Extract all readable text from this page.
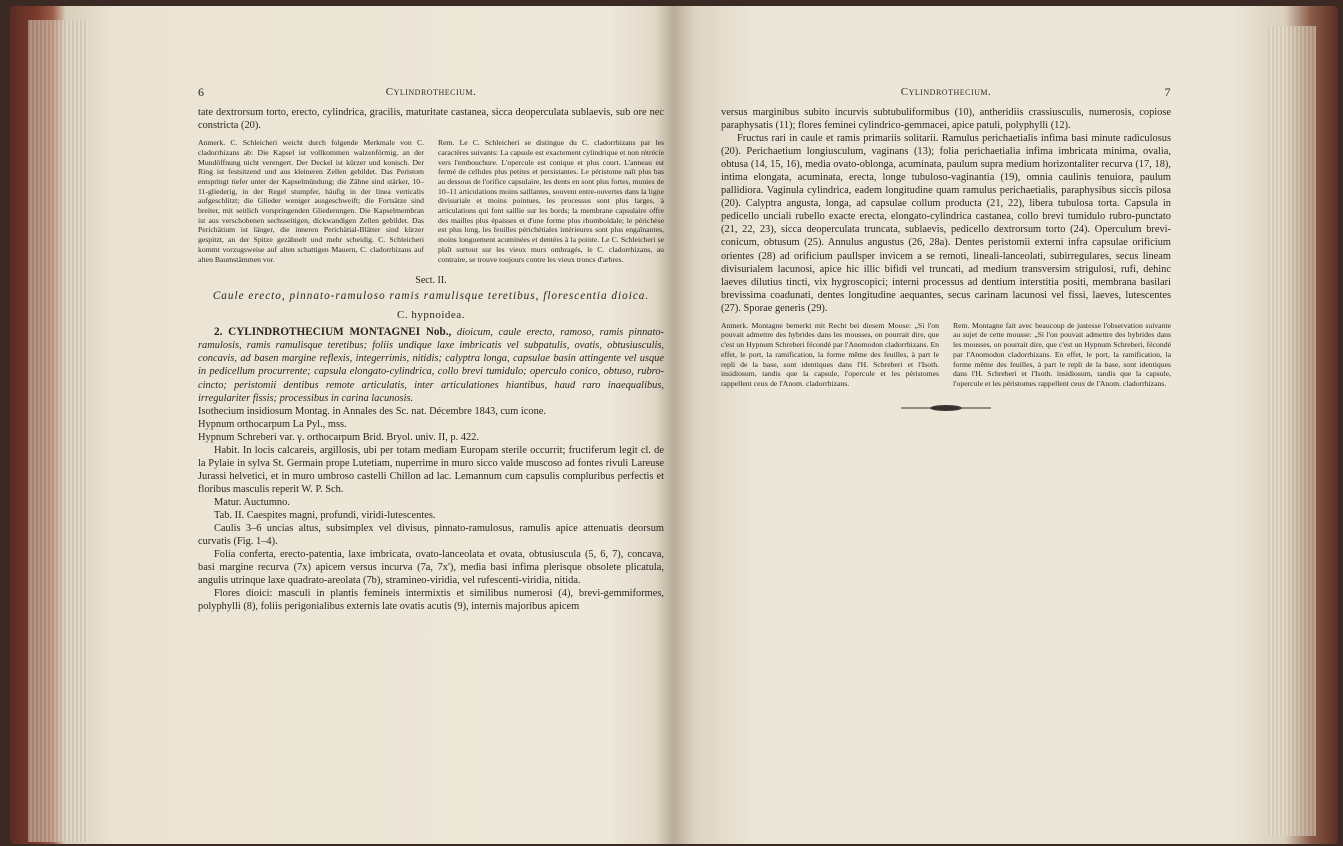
6	Cylindrothecium.

tate dextrorsum torto, erecto, cylindrica, gracilis, maturitate castanea, sicca deoperculata sublaevis, sub ore nec constricta (20).

Anmerk. C. Schleicheri weicht durch folgende Merkmale von C. cladorrhizans ab: Die Kapsel ist vollkommen walzenförmig, an der Mundöffnung nicht verengert. Der Deckel ist kürzer und konisch. Der Ring ist festsitzend und aus kleineren Zellen gebildet. Das Peristom entspringt tiefer unter der Kapselmündung; die Zähne sind stärker, 10–11-gliederig, in der Regel stumpfer, häufig in der linea verticalis aufgeschlitzt; die Glieder weniger ausgeschweift; die Fortsätze sind breiter, mit seitlich vorspringenden Gliederungen. Die Kapselmembran ist aus verschobenen sechsseitigen, dickwandigen Zellen gebildet. Das Perichätium ist länger, die inneren Perichätial-Blätter sind kürzer gespitzt, an der Spitze gezähnelt und mehr scheidig. C. Schleicheri kommt vorzugsweise auf alten schattigen Mauern, C. cladorrhizans auf alten Baumstämmen vor.
Rem. Le C. Schleicheri se distingue du C. cladorrhizans par les caractères suivants: La capsule est exactement cylindrique et non rétrécie vers l'embouchure. L'opercule est conique et plus court. L'anneau est fermé de cellules plus petites et persistantes. Le péristome naît plus bas au dessous de l'orifice capsulaire, les dents en sont plus fortes, munies de 10–11 articulations moins saillantes, souvent entre-ouvertes dans la ligne divisuriale et moins pointues, les processus sont plus larges, à articulations qui font saillie sur les bords; la membrane capsulaire offre des mailles plus épaisses et d'une forme plus rhomboïdale; le périchèse est plus long, les feuilles périchétiales intérieures sont plus engaînantes, moins longuement acuminées et dentées à la pointe. Le C. Schleicheri se plaît surtout sur les vieux murs ombragés, le C. cladorrhizans, au contraire, se trouve toujours contre les vieux troncs d'arbres.
Sect. II.
Caule erecto, pinnato-ramuloso ramis ramulisque teretibus, florescentia dioica.
C. hypnoidea.

2. CYLINDROTHECIUM MONTAGNEI Nob., dioicum, caule erecto, ramoso, ramis pinnato-ramulosis, ramis ramulisque teretibus; foliis undique laxe imbricatis vel subpatulis, ovatis, obtusiusculis, concavis, ad basen margine reflexis, integerrimis, nitidis; calyptra longa, capsulae basin attingente vel usque in pedicellum procurrente; capsula elongato-cylindrica, collo brevi tumidulo; operculo conico, obtuso, rubro-cincto; peristomii dentibus remote articulatis, inter articulationes hiantibus, haud raro inaequalibus, irregulariter fissis; processibus in carina lacunosis.

Isothecium insidiosum Montag. in Annales des Sc. nat. Décembre 1843, cum icone.

Hypnum orthocarpum La Pyl., mss.

Hypnum Schreberi var. γ. orthocarpum Brid. Bryol. univ. II, p. 422.

Habit. In locis calcareis, argillosis, ubi per totam mediam Europam sterile occurrit; fructiferum legit cl. de la Pylaie in sylva St. Germain prope Lutetiam, nuperrime in muro sicco valde muscoso ad fontes rivuli Lareuse Jurassi helvetici, et in muro umbroso castelli Chillon ad lac. Lemannum cum capsulis compluribus perfectis et floribus masculis reperit W. P. Sch.

Matur. Auctumno.

Tab. II. Caespites magni, profundi, viridi-lutescentes.

Caulis 3–6 uncias altus, subsimplex vel divisus, pinnato-ramulosus, ramulis apice attenuatis deorsum curvatis (Fig. 1–4).

Folia conferta, erecto-patentia, laxe imbricata, ovato-lanceolata et ovata, obtusiuscula (5, 6, 7), concava, basi margine recurva (7x) apicem versus incurva (7a, 7x'), media basi infima plerisque obsolete plicatula, angulis utrinque laxe quadrato-areolata (7b), stramineo-viridia, vel rufescenti-viridia, nitida.

Flores dioici: masculi in plantis femineis intermixtis et similibus numerosi (4), brevi-gemmiformes, polyphylli (8), foliis perigonialibus externis late ovatis acutis (9), internis majoribus apicem

Cylindrothecium.	7

versus marginibus subito incurvis subtubuliformibus (10), antheridiis crassiusculis, numerosis, copiose paraphysatis (11); flores feminei cylindrico-gemmacei, apice patuli, polyphylli (12).

Fructus rari in caule et ramis primariis solitarii. Ramulus perichaetialis infima basi minute radiculosus (20). Perichaetium longiusculum, vaginans (13); folia perichaetialia infima imbricata minima, ovalia, obtusa (14, 15, 16), media ovato-oblonga, acuminata, paulum supra medium horizontaliter recurva (17, 18), intima elongata, acuminata, erecta, longe tubuloso-vaginantia (19), omnia caulinis tenuiora, paulum pallidiora. Vaginula cylindrica, eadem longitudine quam ramulus perichaetialis, paraphysibus siccis pilosa (20). Calyptra angusta, longa, ad capsulae collum producta (21, 22), libera tubulosa torta. Capsula in pedicello unciali rubello exacte erecta, elongato-cylindrica castanea, collo brevi tumidulo rubro-punctato (21, 22, 23), sicca deoperculata truncata, sublaevis, pedicello dextrorsum torto (24). Operculum brevi-conicum, obtusum (25). Annulus angustus (26, 28a). Dentes peristomii externi infra capsulae orificium orientes (28) ad orificium paullsper invicem a se remoti, lineali-lanceolati, subirregulares, secus lineam divisurialem lacunosi, apice hic illic bifidi vel truncati, ad medium transversim strigulosi, rufi, dehinc laeves dilutius tincti, vix hygroscopici; interni processus ad dentium interstitia positi, membrana basilari brevissima coadunati, dentes longitudine aequantes, secus carinam lacunosi vel fissi, laeves, lutescentes (27). Sporae generis (29).

Anmerk. Montagne bemerkt mit Recht bei diesem Moose: „Si l'on pouvait admettre des hybrides dans les mousses, on pourrait dire, que c'est un Hypnum Schreberi fécondé par l'Anomodon cladorrhizans. En effet, le port, la ramification, la forme même des feuilles, à part le repli de la base, sont identiques dans l'H. Schreberi et l'Isoth. insidiosum, tandis que la capsule, l'opercule et les péristomes rappellent ceux de l'Anom. cladorrhizans.
Rem. Montagne fait avec beaucoup de justesse l'observation suivante au sujet de cette mousse: „Si l'on pouvait admettre des hybrides dans les mousses, on pourrait dire, que c'est un Hypnum Schreberi, fécondé par l'Anomodon cladorrhizans. En effet, le port, la ramification, la forme même des feuilles, à part le repli de la base, sont identiques dans l'H. Schreberi et l'Isoth. insidiosum, tandis que la capsule, l'opercule et les péristomes rappellent ceux de l'Anom. cladorrhizans.
